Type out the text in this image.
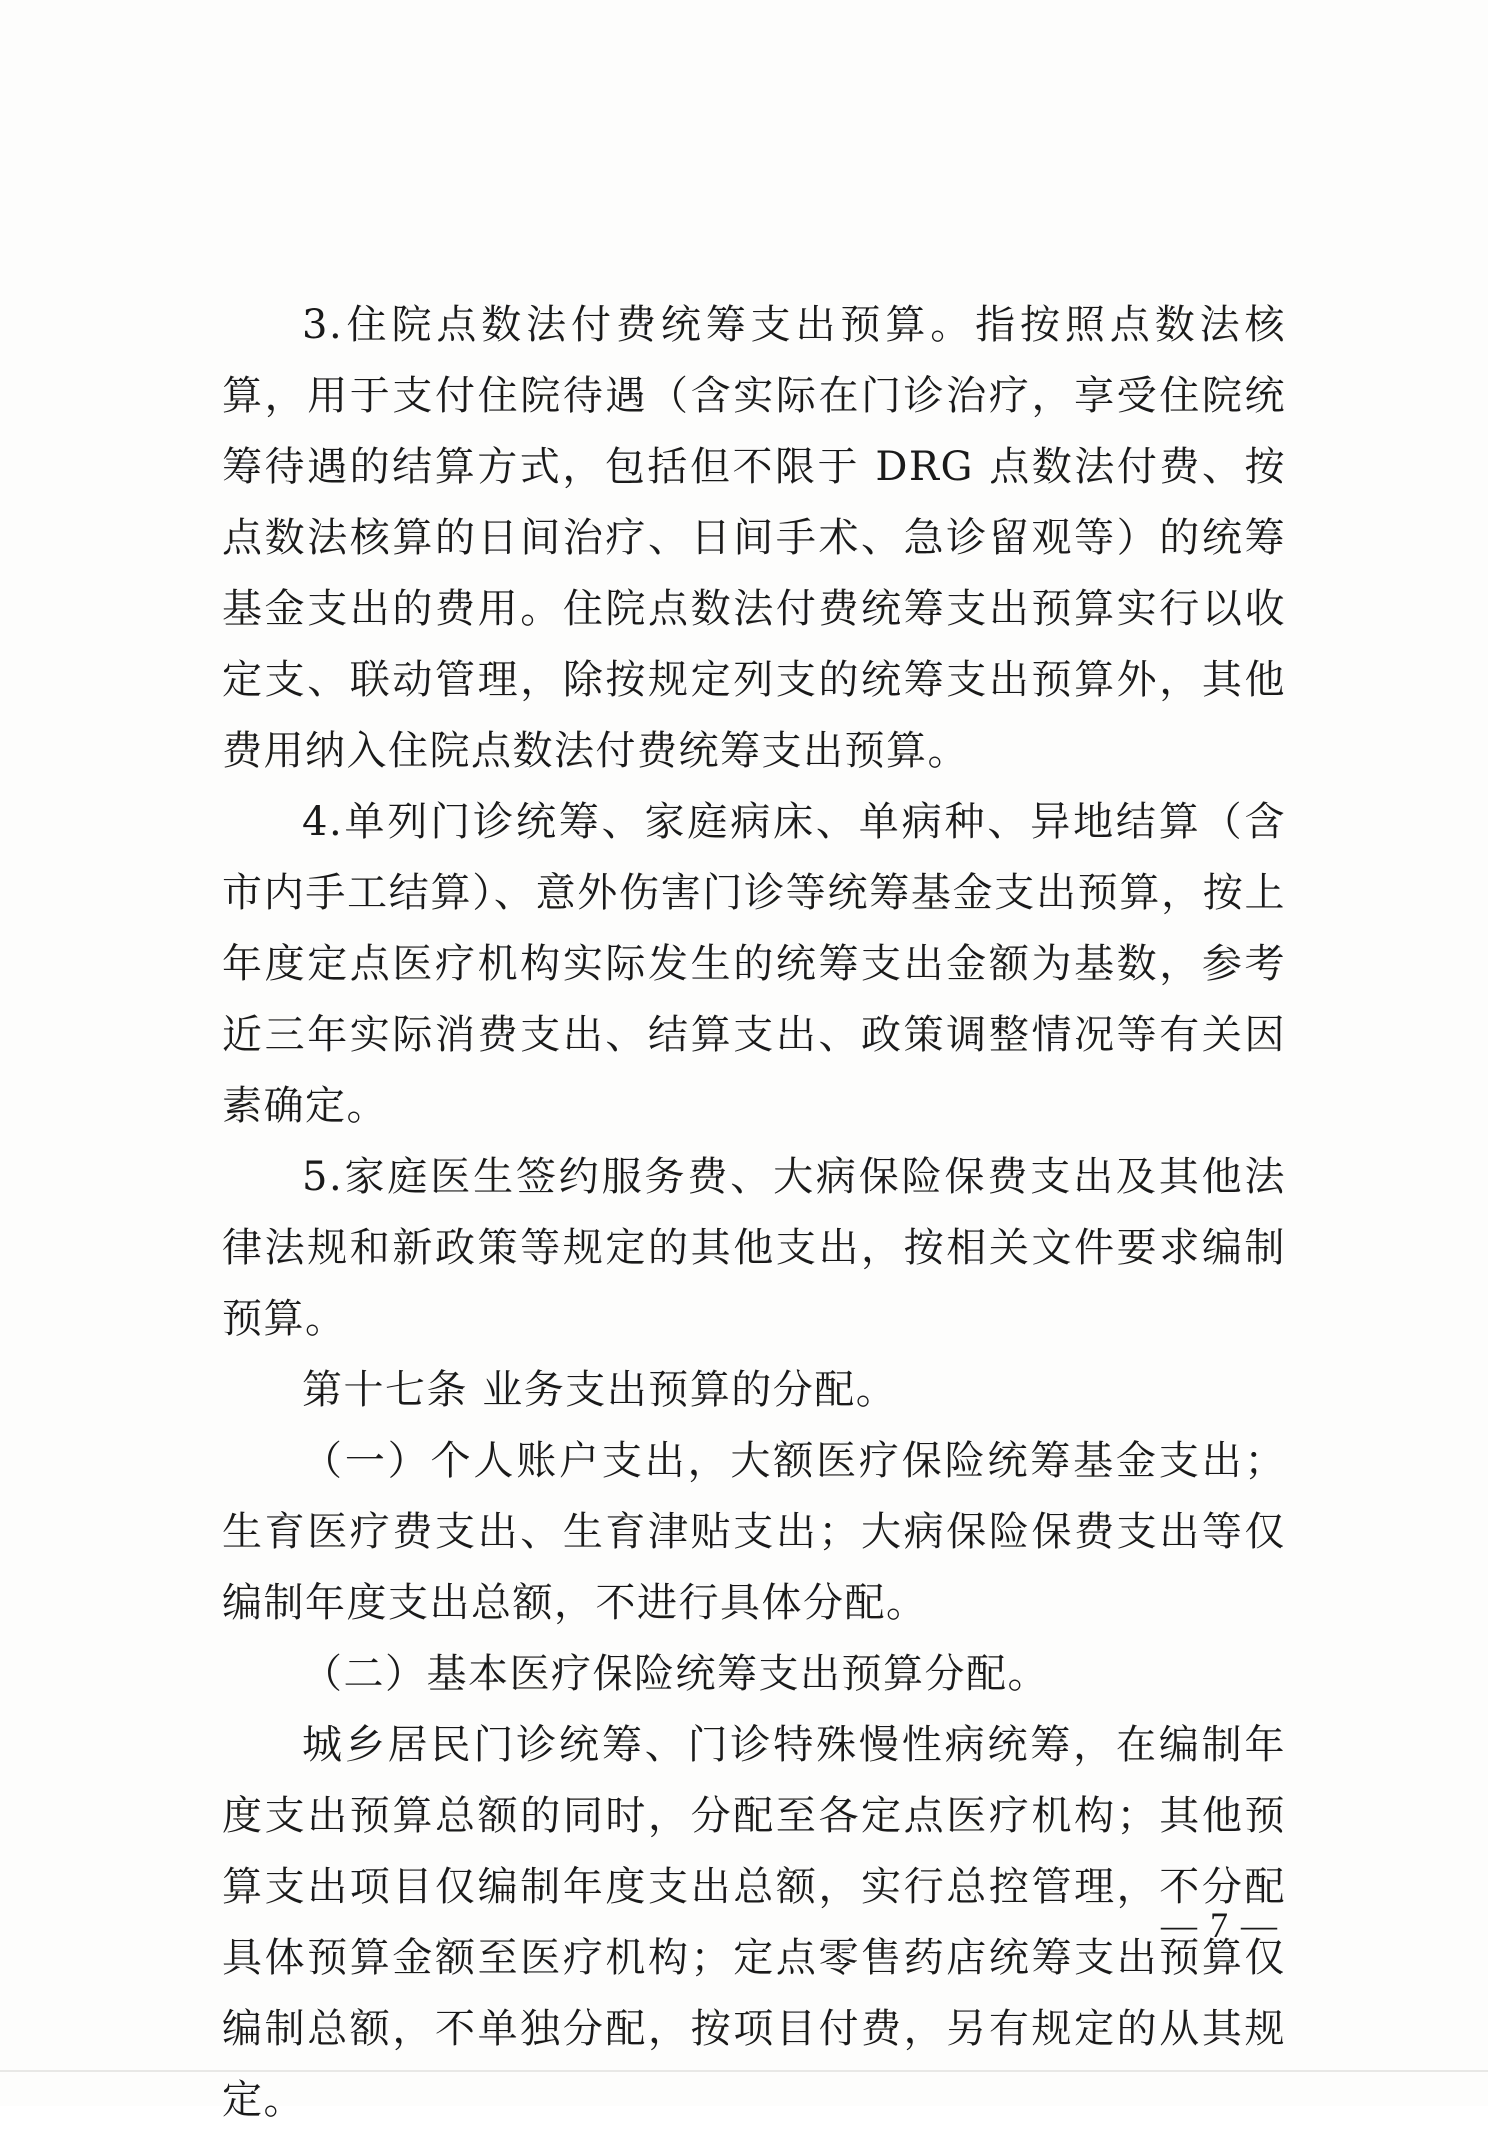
3.住院点数法付费统筹支出预算。指按照点数法核算，用于支付住院待遇（含实际在门诊治疗，享受住院统筹待遇的结算方式，包括但不限于 DRG 点数法付费、按点数法核算的日间治疗、日间手术、急诊留观等）的统筹基金支出的费用。住院点数法付费统筹支出预算实行以收定支、联动管理，除按规定列支的统筹支出预算外，其他费用纳入住院点数法付费统筹支出预算。

4.单列门诊统筹、家庭病床、单病种、异地结算（含市内手工结算）、意外伤害门诊等统筹基金支出预算，按上年度定点医疗机构实际发生的统筹支出金额为基数，参考近三年实际消费支出、结算支出、政策调整情况等有关因素确定。

5.家庭医生签约服务费、大病保险保费支出及其他法律法规和新政策等规定的其他支出，按相关文件要求编制预算。

第十七条 业务支出预算的分配。

（一）个人账户支出，大额医疗保险统筹基金支出；生育医疗费支出、生育津贴支出；大病保险保费支出等仅编制年度支出总额，不进行具体分配。

（二）基本医疗保险统筹支出预算分配。

城乡居民门诊统筹、门诊特殊慢性病统筹，在编制年度支出预算总额的同时，分配至各定点医疗机构；其他预算支出项目仅编制年度支出总额，实行总控管理，不分配具体预算金额至医疗机构；定点零售药店统筹支出预算仅编制总额，不单独分配，按项目付费，另有规定的从其规定。

— 7 —
